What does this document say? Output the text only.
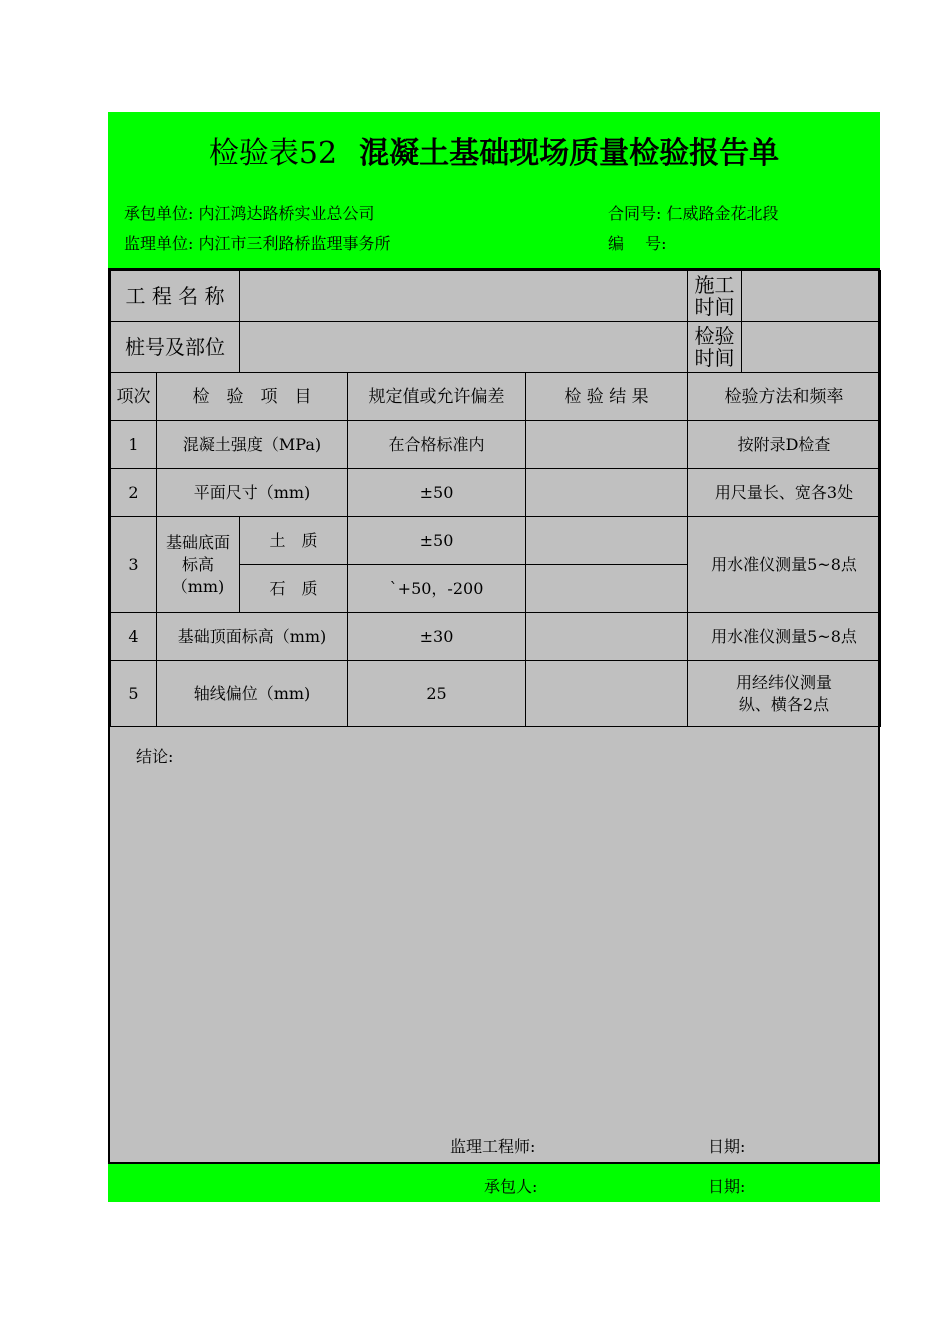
检验表52 混凝土基础现场质量检验报告单
承包单位: 内江鸿达路桥实业总公司	合同号: 仁威路金花北段
监理单位: 内江市三利路桥监理事务所	编　 号:
工 程 名 称					施工时间	
桩号及部位					检验时间	
项次	检　验　项　目		规定值或允许偏差	检 验 结 果	检验方法和频率	
1	混凝土强度（MPa)		在合格标准内		按附录D检查	
2	平面尺寸（mm)		±50		用尺量长、宽各3处	
3	基础底面标高（mm)	土　质	±50		用水准仪测量5~8点	
		石　质	`+50，-200			
4	基础顶面标高（mm)		±30		用水准仪测量5~8点	
5	轴线偏位（mm)		25		用经纬仪测量
纵、横各2点	
结论:
监理工程师:	日期:
承包人:	日期:
